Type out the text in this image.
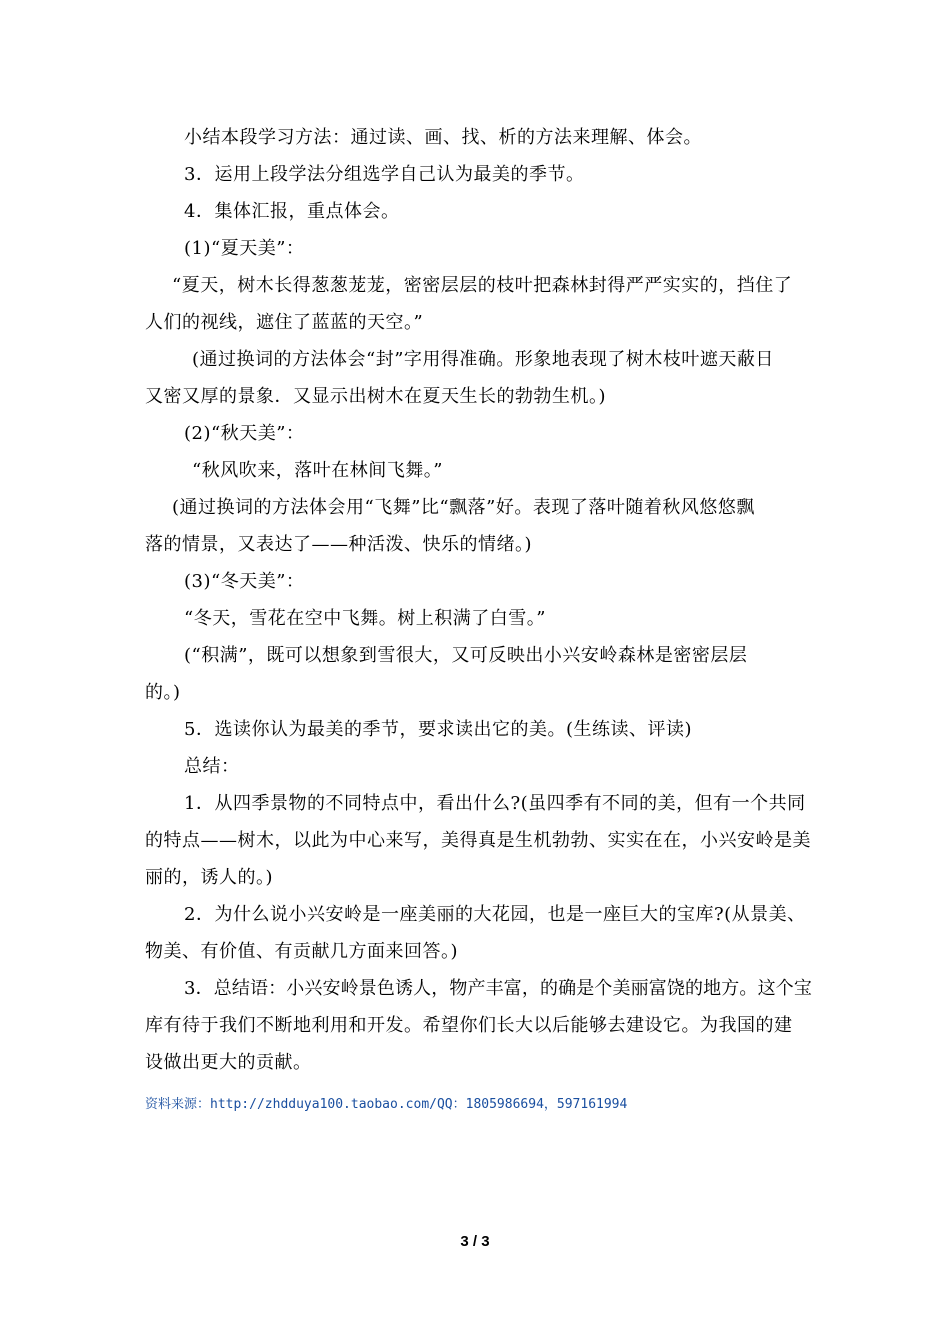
小结本段学习方法：通过读、画、找、析的方法来理解、体会。
3．运用上段学法分组选学自己认为最美的季节。
4．集体汇报，重点体会。
(1)“夏天美”：
“夏天，树木长得葱葱茏茏，密密层层的枝叶把森林封得严严实实的，挡住了
人们的视线，遮住了蓝蓝的天空。”
(通过换词的方法体会“封”字用得准确。形象地表现了树木枝叶遮天蔽日
又密又厚的景象．又显示出树木在夏天生长的勃勃生机。)
(2)“秋天美”：
“秋风吹来，落叶在林间飞舞。”
(通过换词的方法体会用“飞舞”比“飘落”好。表现了落叶随着秋风悠悠飘
落的情景，又表达了——种活泼、快乐的情绪。)
(3)“冬天美”：
“冬天，雪花在空中飞舞。树上积满了白雪。”
(“积满”，既可以想象到雪很大，又可反映出小兴安岭森林是密密层层
的。)
5．选读你认为最美的季节，要求读出它的美。(生练读、评读)
总结：
1．从四季景物的不同特点中，看出什么?(虽四季有不同的美，但有一个共同
的特点——树木，以此为中心来写，美得真是生机勃勃、实实在在，小兴安岭是美
丽的，诱人的。)
2．为什么说小兴安岭是一座美丽的大花园，也是一座巨大的宝库?(从景美、
物美、有价值、有贡献几方面来回答。)
3．总结语：小兴安岭景色诱人，物产丰富，的确是个美丽富饶的地方。这个宝
库有待于我们不断地利用和开发。希望你们长大以后能够去建设它。为我国的建
设做出更大的贡献。
资料来源：http://zhdduya100.taobao.com/QQ：1805986694，597161994
3 / 3
